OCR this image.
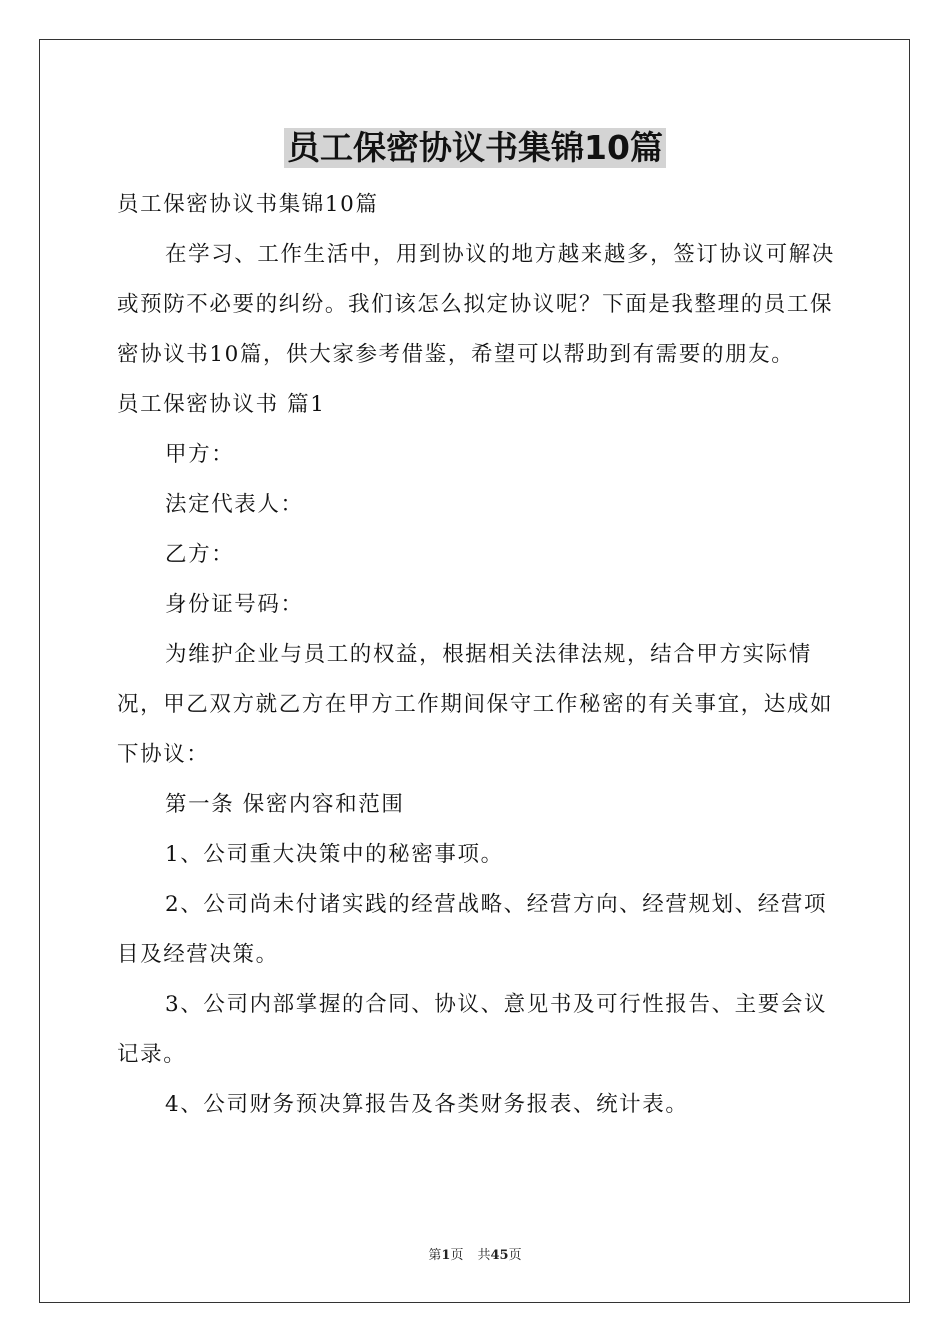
员工保密协议书集锦10篇

员工保密协议书集锦10篇

在学习、工作生活中，用到协议的地方越来越多，签订协议可解决或预防不必要的纠纷。我们该怎么拟定协议呢？下面是我整理的员工保密协议书10篇，供大家参考借鉴，希望可以帮助到有需要的朋友。

员工保密协议书 篇1

甲方：

法定代表人：

乙方：

身份证号码：

为维护企业与员工的权益，根据相关法律法规，结合甲方实际情况，甲乙双方就乙方在甲方工作期间保守工作秘密的有关事宜，达成如下协议：

第一条 保密内容和范围

1、公司重大决策中的秘密事项。

2、公司尚未付诸实践的经营战略、经营方向、经营规划、经营项目及经营决策。

3、公司内部掌握的合同、协议、意见书及可行性报告、主要会议记录。

4、公司财务预决算报告及各类财务报表、统计表。

第1页 共45页
